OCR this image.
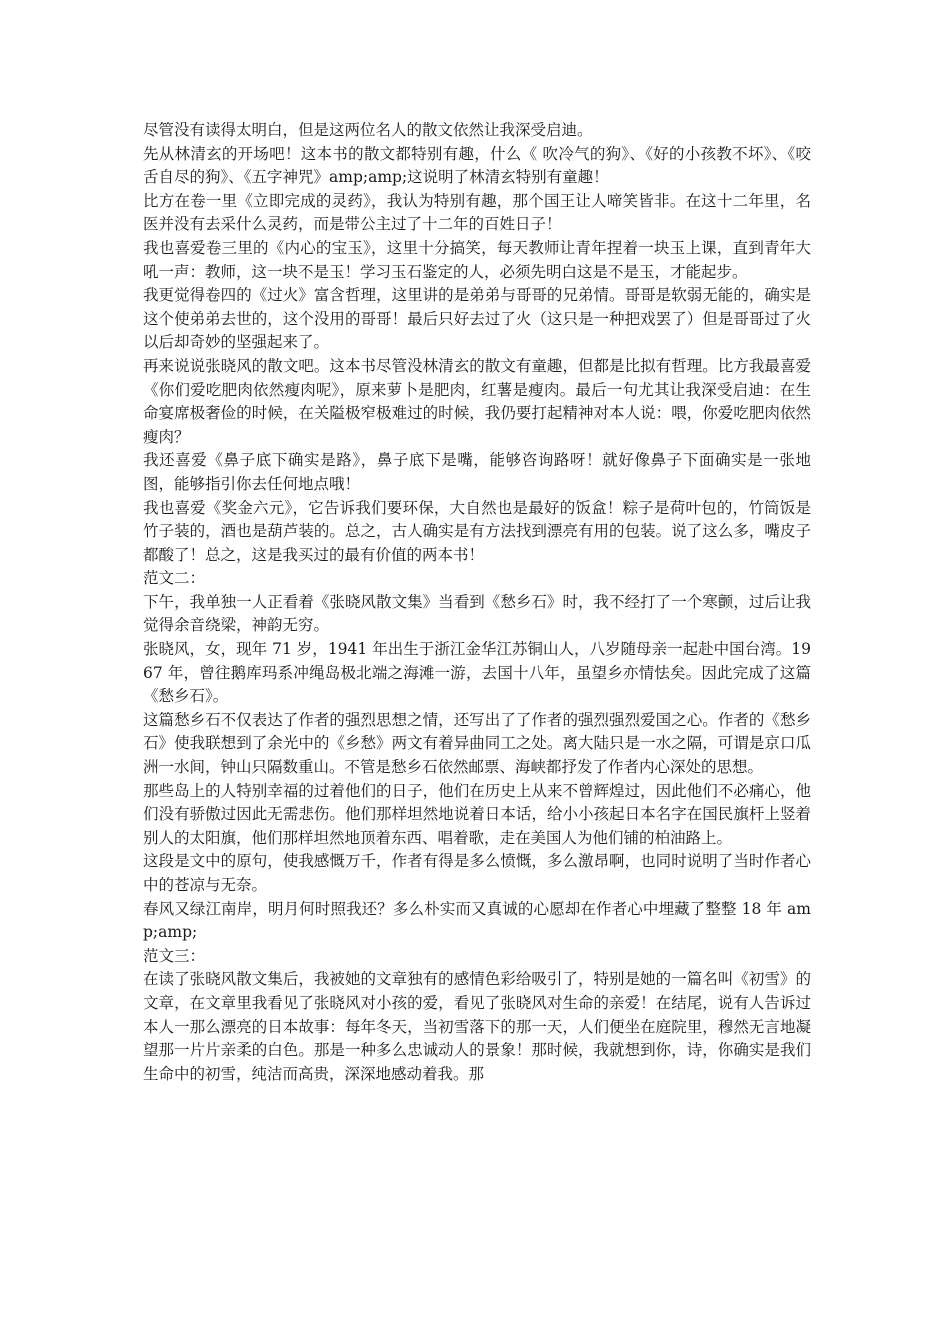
尽管没有读得太明白，但是这两位名人的散文依然让我深受启迪。

先从林清玄的开场吧！这本书的散文都特别有趣，什么《 吹冷气的狗》、《好的小孩教不坏》、《咬舌自尽的狗》、《五字神咒》amp;amp;这说明了林清玄特别有童趣！

比方在卷一里《立即完成的灵药》，我认为特别有趣，那个国王让人啼笑皆非。在这十二年里，名医并没有去采什么灵药，而是带公主过了十二年的百姓日子！

我也喜爱卷三里的《内心的宝玉》，这里十分搞笑，每天教师让青年捏着一块玉上课，直到青年大吼一声：教师，这一块不是玉！学习玉石鉴定的人，必须先明白这是不是玉，才能起步。

我更觉得卷四的《过火》富含哲理，这里讲的是弟弟与哥哥的兄弟情。哥哥是软弱无能的，确实是这个使弟弟去世的，这个没用的哥哥！最后只好去过了火（这只是一种把戏罢了）但是哥哥过了火以后却奇妙的坚强起来了。

再来说说张晓风的散文吧。这本书尽管没林清玄的散文有童趣，但都是比拟有哲理。比方我最喜爱《你们爱吃肥肉依然瘦肉呢》，原来萝卜是肥肉，红薯是瘦肉。最后一句尤其让我深受启迪：在生命宴席极奢俭的时候，在关隘极窄极难过的时候，我仍要打起精神对本人说：喂，你爱吃肥肉依然瘦肉？

我还喜爱《鼻子底下确实是路》，鼻子底下是嘴，能够咨询路呀！就好像鼻子下面确实是一张地图，能够指引你去任何地点哦！

我也喜爱《奖金六元》，它告诉我们要环保，大自然也是最好的饭盒！粽子是荷叶包的，竹筒饭是竹子装的，酒也是葫芦装的。总之，古人确实是有方法找到漂亮有用的包装。说了这么多，嘴皮子都酸了！总之，这是我买过的最有价值的两本书！

范文二：

下午，我单独一人正看着《张晓风散文集》当看到《愁乡石》时，我不经打了一个寒颤，过后让我觉得余音绕梁，神韵无穷。

张晓风，女，现年 71 岁，1941 年出生于浙江金华江苏铜山人，八岁随母亲一起赴中国台湾。1967 年，曾往鹅库玛系冲绳岛极北端之海滩一游，去国十八年，虽望乡亦情怯矣。因此完成了这篇《愁乡石》。

这篇愁乡石不仅表达了作者的强烈思想之情，还写出了了作者的强烈强烈爱国之心。作者的《愁乡石》使我联想到了余光中的《乡愁》两文有着异曲同工之处。离大陆只是一水之隔，可谓是京口瓜洲一水间，钟山只隔数重山。不管是愁乡石依然邮票、海峡都抒发了作者内心深处的思想。

那些岛上的人特别幸福的过着他们的日子，他们在历史上从来不曾辉煌过，因此他们不必痛心，他们没有骄傲过因此无需悲伤。他们那样坦然地说着日本话，给小小孩起日本名字在国民旗杆上竖着别人的太阳旗，他们那样坦然地顶着东西、唱着歌，走在美国人为他们铺的柏油路上。

这段是文中的原句，使我感慨万千，作者有得是多么愤慨，多么激昂啊，也同时说明了当时作者心中的苍凉与无奈。

春风又绿江南岸，明月何时照我还？多么朴实而又真诚的心愿却在作者心中埋藏了整整 18 年 amp;amp;

范文三：

在读了张晓风散文集后，我被她的文章独有的感情色彩给吸引了，特别是她的一篇名叫《初雪》的文章，在文章里我看见了张晓风对小孩的爱，看见了张晓风对生命的亲爱！在结尾，说有人告诉过本人一那么漂亮的日本故事：每年冬天，当初雪落下的那一天，人们便坐在庭院里，穆然无言地凝望那一片片亲柔的白色。那是一种多么忠诚动人的景象！那时候，我就想到你，诗，你确实是我们生命中的初雪，纯洁而高贵，深深地感动着我。那
